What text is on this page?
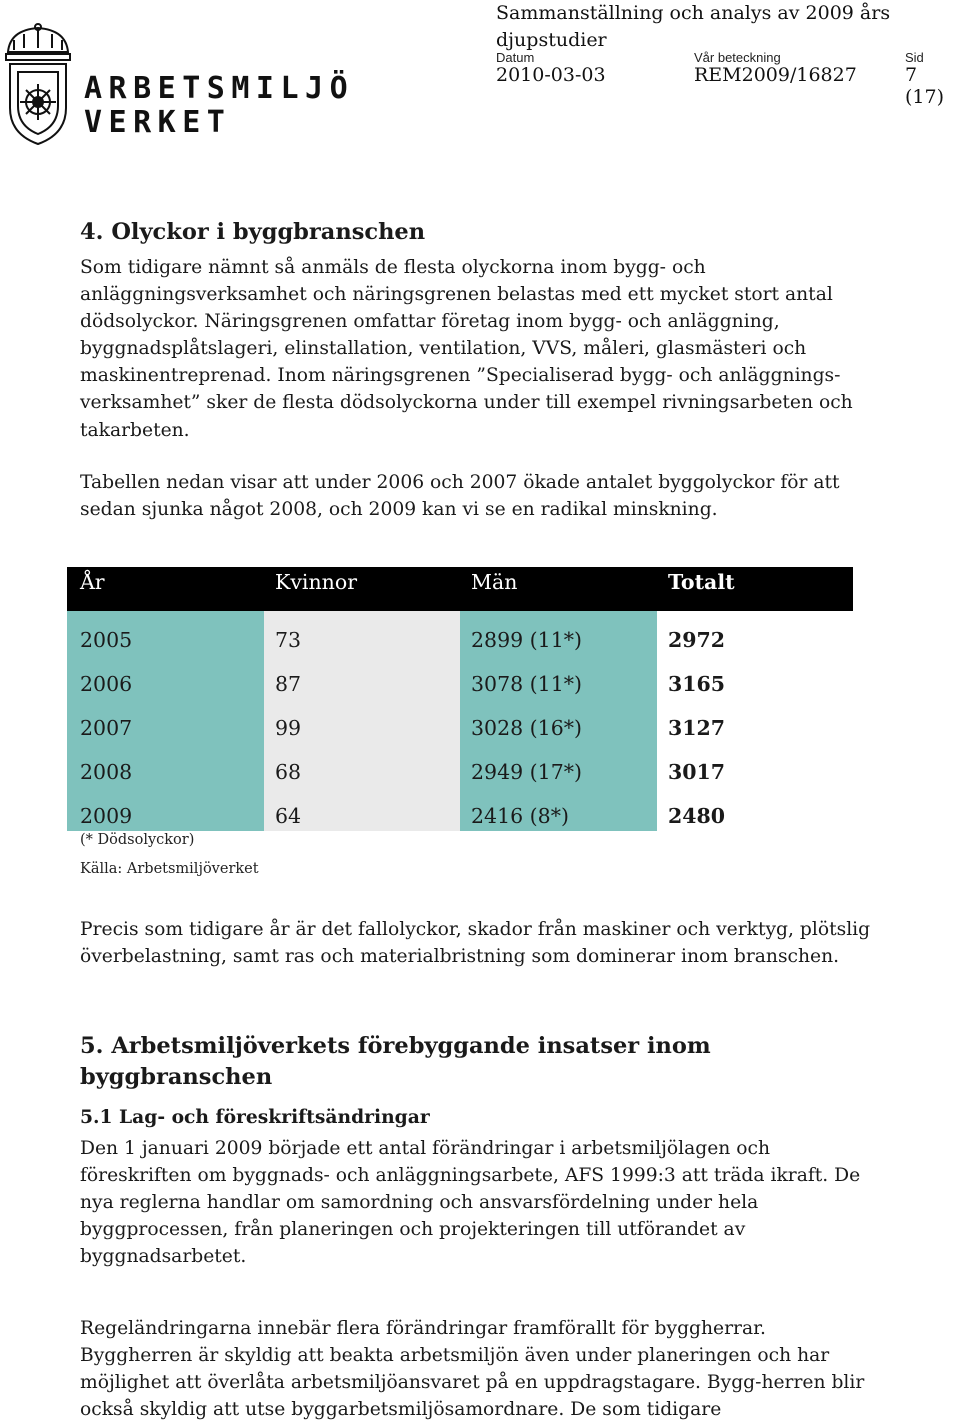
ARBETSMILJÖ
VERKET
Sammanställning och analys av 2009 års djupstudier
Datum	Vår beteckning	Sid
2010-03-03	REM2009/16827	7 (17)
4. Olyckor i byggbranschen

Som tidigare nämnt så anmäls de flesta olyckorna inom bygg- och anläggningsverksamhet och näringsgrenen belastas med ett mycket stort antal dödsolyckor. Näringsgrenen omfattar företag inom bygg- och anläggning, byggnadsplåtslageri, elinstallation, ventilation, VVS, måleri, glasmästeri och maskinentreprenad. Inom näringsgrenen ”Specialiserad bygg- och anläggnings-verksamhet” sker de flesta dödsolyckorna under till exempel rivningsarbeten och takarbeten.

Tabellen nedan visar att under 2006 och 2007 ökade antalet byggolyckor för att sedan sjunka något 2008, och 2009 kan vi se en radikal minskning.

År	Kvinnor	Män	Totalt
2005	73	2899 (11*)	2972
2006	87	3078 (11*)	3165
2007	99	3028 (16*)	3127
2008	68	2949 (17*)	3017
2009	64	2416 (8*)	2480
(* Dödsolyckor)
Källa: Arbetsmiljöverket

Precis som tidigare år är det fallolyckor, skador från maskiner och verktyg, plötslig överbelastning, samt ras och materialbristning som dominerar inom branschen.

5. Arbetsmiljöverkets förebyggande insatser inom byggbranschen
5.1 Lag- och föreskriftsändringar

Den 1 januari 2009 började ett antal förändringar i arbetsmiljölagen och föreskriften om byggnads- och anläggningsarbete, AFS 1999:3 att träda ikraft. De nya reglerna handlar om samordning och ansvarsfördelning under hela byggprocessen, från planeringen och projekteringen till utförandet av byggnadsarbetet.

Regeländringarna innebär flera förändringar framförallt för byggherrar. Byggherren är skyldig att beakta arbetsmiljön även under planeringen och har möjlighet att överlåta arbetsmiljöansvaret på en uppdragstagare. Bygg-herren blir också skyldig att utse byggarbetsmiljösamordnare. De som tidigare
